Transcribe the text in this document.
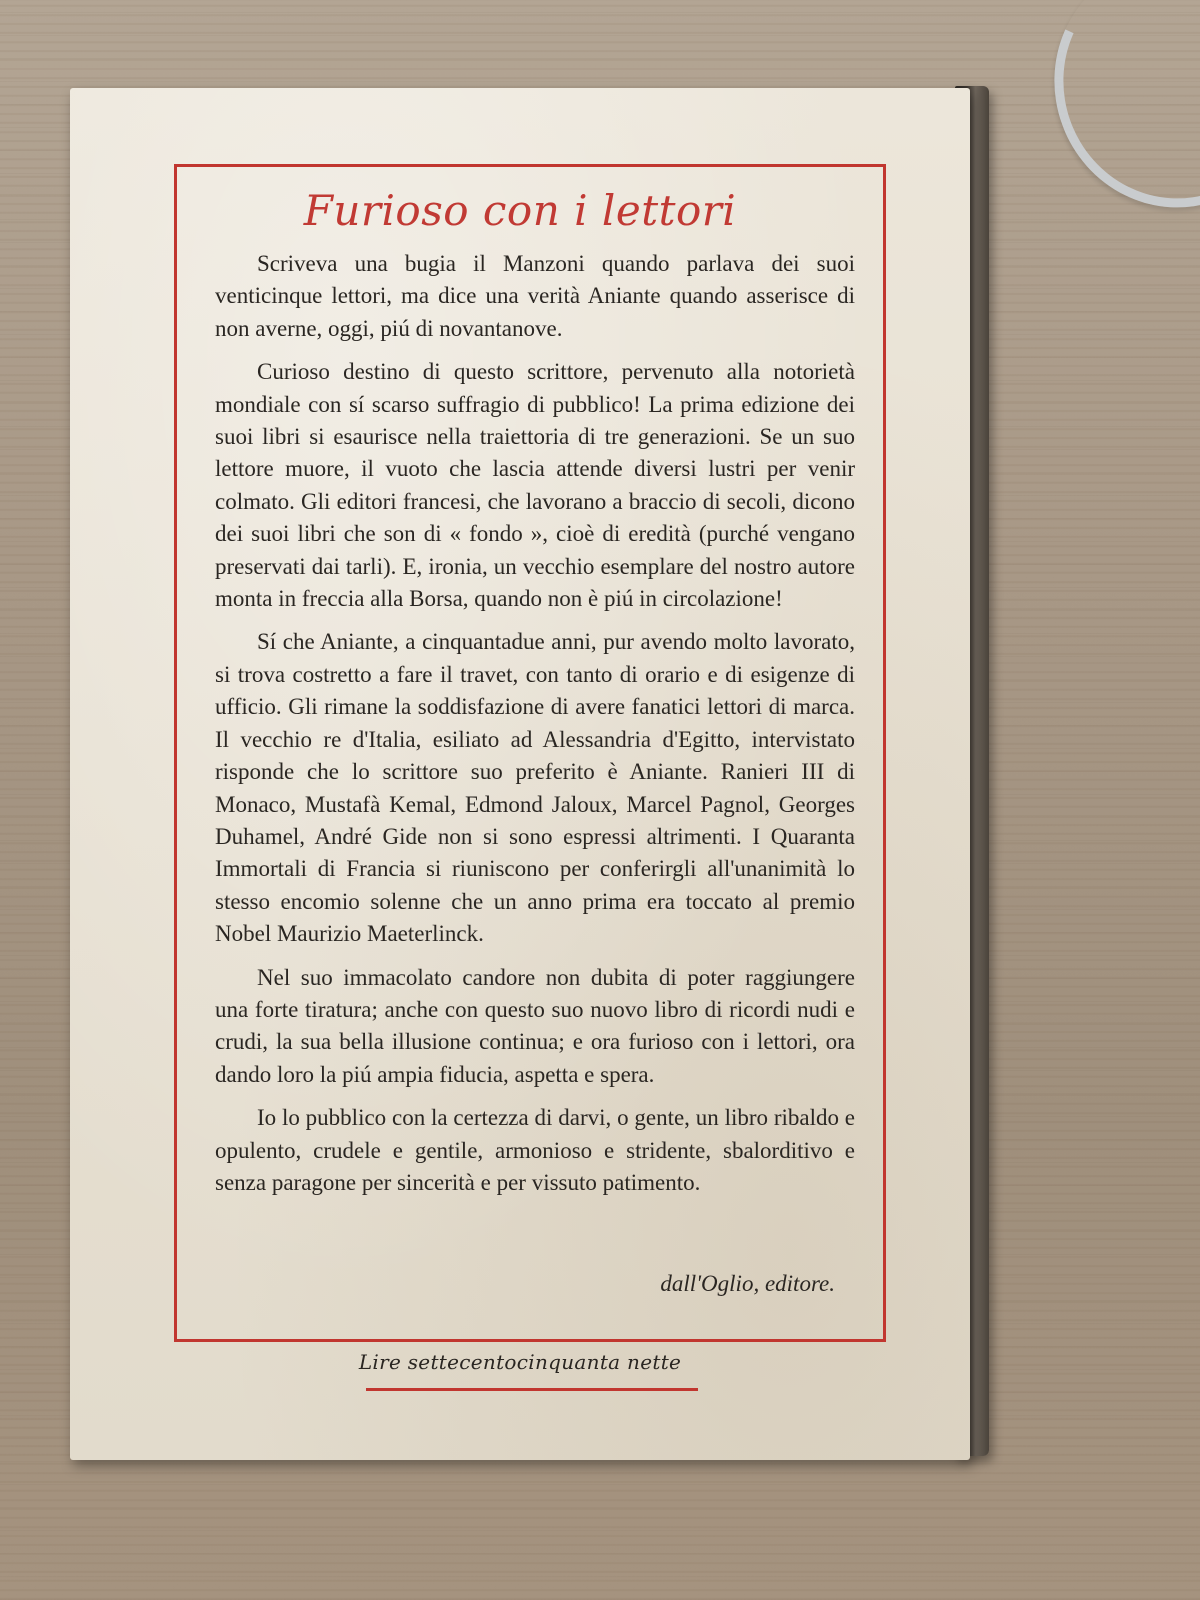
Furioso con i lettori

Scriveva una bugia il Manzoni quando parlava dei suoi venticinque lettori, ma dice una verità Aniante quando asserisce di non averne, oggi, piú di novantanove.

Curioso destino di questo scrittore, pervenuto alla notorietà mondiale con sí scarso suffragio di pubblico! La prima edizione dei suoi libri si esaurisce nella traiettoria di tre generazioni. Se un suo lettore muore, il vuoto che lascia attende diversi lustri per venir colmato. Gli editori francesi, che lavorano a braccio di secoli, dicono dei suoi libri che son di « fondo », cioè di eredità (purché vengano preservati dai tarli). E, ironia, un vecchio esemplare del nostro autore monta in freccia alla Borsa, quando non è piú in circolazione!

Sí che Aniante, a cinquantadue anni, pur avendo molto lavorato, si trova costretto a fare il travet, con tanto di orario e di esigenze di ufficio. Gli rimane la soddisfazione di avere fanatici lettori di marca. Il vecchio re d'Italia, esiliato ad Alessandria d'Egitto, intervistato risponde che lo scrittore suo preferito è Aniante. Ranieri III di Monaco, Mustafà Kemal, Edmond Jaloux, Marcel Pagnol, Georges Duhamel, André Gide non si sono espressi altrimenti. I Quaranta Immortali di Francia si riuniscono per conferirgli all'unanimità lo stesso encomio solenne che un anno prima era toccato al premio Nobel Maurizio Maeterlinck.

Nel suo immacolato candore non dubita di poter raggiungere una forte tiratura; anche con questo suo nuovo libro di ricordi nudi e crudi, la sua bella illusione continua; e ora furioso con i lettori, ora dando loro la piú ampia fiducia, aspetta e spera.

Io lo pubblico con la certezza di darvi, o gente, un libro ribaldo e opulento, crudele e gentile, armonioso e stridente, sbalorditivo e senza paragone per sincerità e per vissuto patimento.

dall'Oglio, editore.
Lire settecentocinquanta nette
